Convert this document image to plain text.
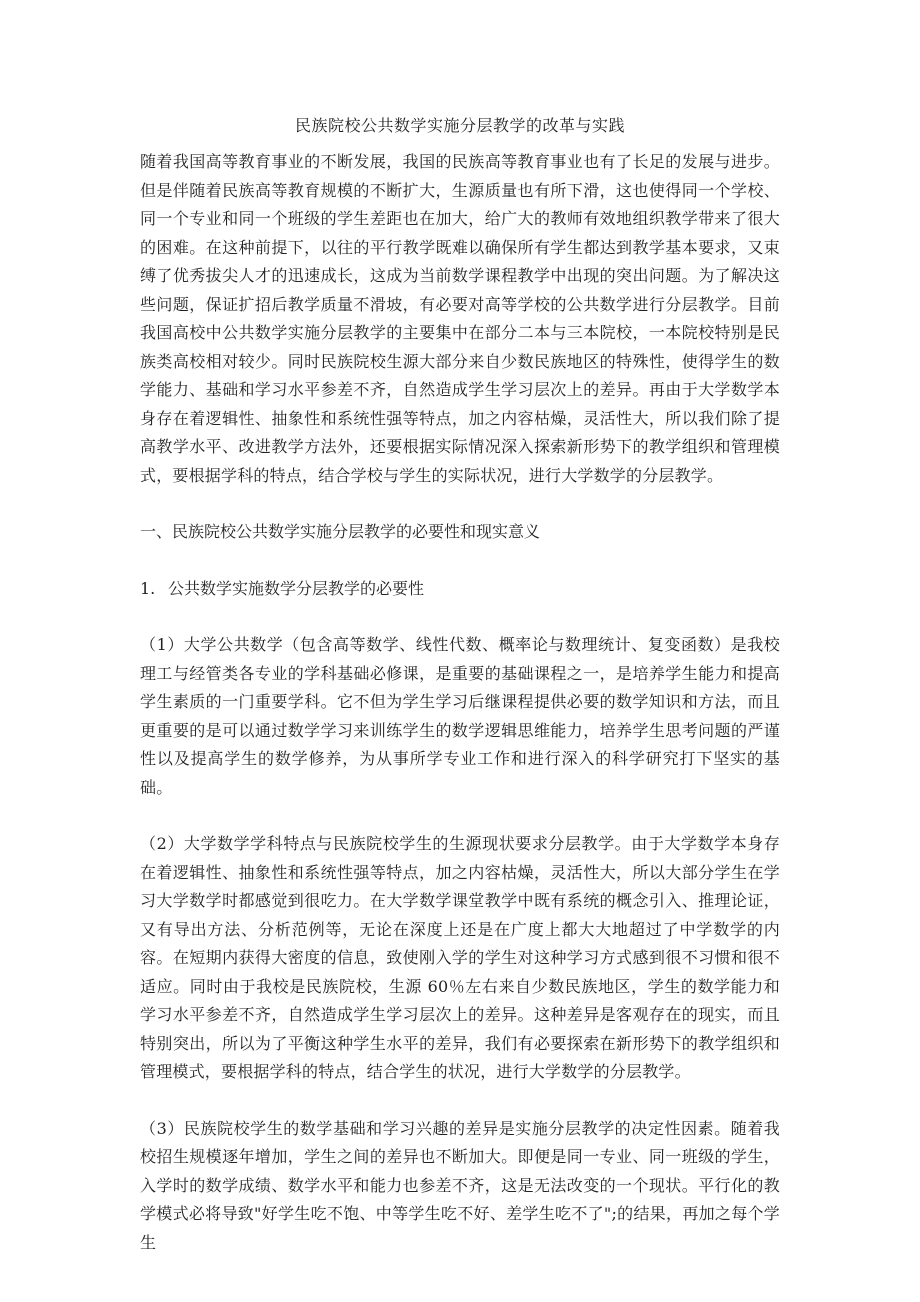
民族院校公共数学实施分层教学的改革与实践

随着我国高等教育事业的不断发展，我国的民族高等教育事业也有了长足的发展与进步。但是伴随着民族高等教育规模的不断扩大，生源质量也有所下滑，这也使得同一个学校、同一个专业和同一个班级的学生差距也在加大，给广大的教师有效地组织教学带来了很大的困难。在这种前提下，以往的平行教学既难以确保所有学生都达到教学基本要求，又束缚了优秀拔尖人才的迅速成长，这成为当前数学课程教学中出现的突出问题。为了解决这些问题，保证扩招后教学质量不滑坡，有必要对高等学校的公共数学进行分层教学。目前我国高校中公共数学实施分层教学的主要集中在部分二本与三本院校，一本院校特别是民族类高校相对较少。同时民族院校生源大部分来自少数民族地区的特殊性，使得学生的数学能力、基础和学习水平参差不齐，自然造成学生学习层次上的差异。再由于大学数学本身存在着逻辑性、抽象性和系统性强等特点，加之内容枯燥，灵活性大，所以我们除了提高教学水平、改进教学方法外，还要根据实际情况深入探索新形势下的教学组织和管理模式，要根据学科的特点，结合学校与学生的实际状况，进行大学数学的分层教学。

一、民族院校公共数学实施分层教学的必要性和现实意义

1. 公共数学实施数学分层教学的必要性

（1）大学公共数学（包含高等数学、线性代数、概率论与数理统计、复变函数）是我校理工与经管类各专业的学科基础必修课，是重要的基础课程之一，是培养学生能力和提高学生素质的一门重要学科。它不但为学生学习后继课程提供必要的数学知识和方法，而且更重要的是可以通过数学学习来训练学生的数学逻辑思维能力，培养学生思考问题的严谨性以及提高学生的数学修养，为从事所学专业工作和进行深入的科学研究打下坚实的基础。

（2）大学数学学科特点与民族院校学生的生源现状要求分层教学。由于大学数学本身存在着逻辑性、抽象性和系统性强等特点，加之内容枯燥，灵活性大，所以大部分学生在学习大学数学时都感觉到很吃力。在大学数学课堂教学中既有系统的概念引入、推理论证，又有导出方法、分析范例等，无论在深度上还是在广度上都大大地超过了中学数学的内容。在短期内获得大密度的信息，致使刚入学的学生对这种学习方式感到很不习惯和很不适应。同时由于我校是民族院校，生源 60％左右来自少数民族地区，学生的数学能力和学习水平参差不齐，自然造成学生学习层次上的差异。这种差异是客观存在的现实，而且特别突出，所以为了平衡这种学生水平的差异，我们有必要探索在新形势下的教学组织和管理模式，要根据学科的特点，结合学生的状况，进行大学数学的分层教学。

（3）民族院校学生的数学基础和学习兴趣的差异是实施分层教学的决定性因素。随着我校招生规模逐年增加，学生之间的差异也不断加大。即便是同一专业、同一班级的学生，入学时的数学成绩、数学水平和能力也参差不齐，这是无法改变的一个现状。平行化的教学模式必将导致"好学生吃不饱、中等学生吃不好、差学生吃不了";的结果，再加之每个学生
